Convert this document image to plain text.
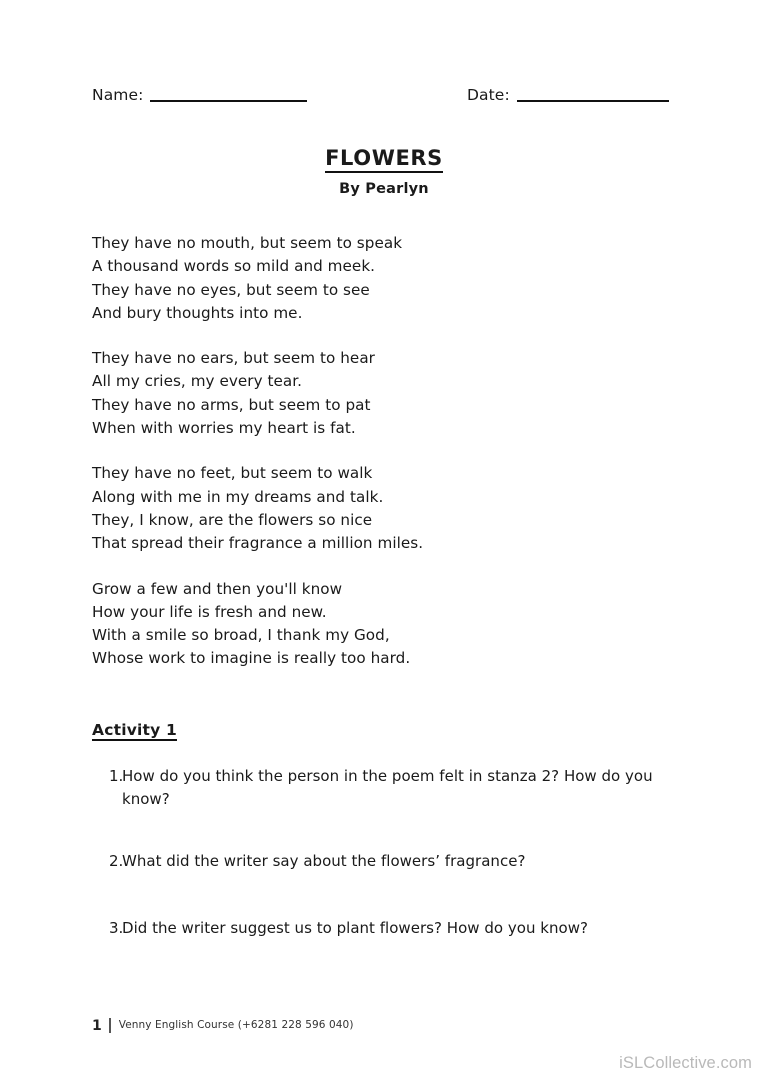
Name:	Date:
FLOWERS
By Pearlyn
They have no mouth, but seem to speak
A thousand words so mild and meek.
They have no eyes, but seem to see
And bury thoughts into me.
They have no ears, but seem to hear
All my cries, my every tear.
They have no arms, but seem to pat
When with worries my heart is fat.
They have no feet, but seem to walk
Along with me in my dreams and talk.
They, I know, are the flowers so nice
That spread their fragrance a million miles.
Grow a few and then you'll know
How your life is fresh and new.
With a smile so broad, I thank my God,
Whose work to imagine is really too hard.
Activity 1
1.
How do you think the person in the poem felt in stanza 2? How do you know?
2.
What did the writer say about the flowers’ fragrance?
3.
Did the writer suggest us to plant flowers? How do you know?
1 Venny English Course (+6281 228 596 040)
iSLCollective.com
